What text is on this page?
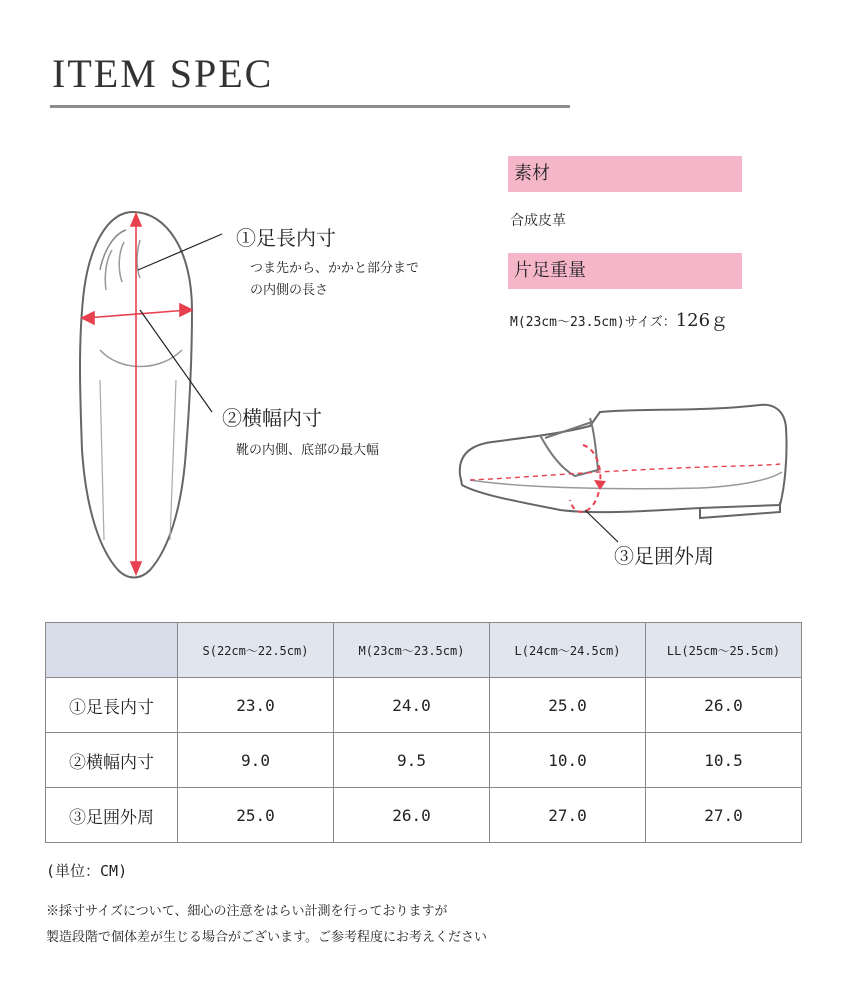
ITEM SPEC
①足長内寸
つま先から、かかと部分まで
の内側の長さ
②横幅内寸
靴の内側、底部の最大幅
③足囲外周
素材
合成皮革
片足重量
M(23cm〜23.5cm)サイズ：126ｇ
	S(22cm〜22.5cm)	M(23cm〜23.5cm)	L(24cm〜24.5cm)	LL(25cm〜25.5cm)
①足長内寸	23.0	24.0	25.0	26.0
②横幅内寸	9.0	9.5	10.0	10.5
③足囲外周	25.0	26.0	27.0	27.0
(単位：CM)
※採寸サイズについて、細心の注意をはらい計測を行っておりますが
製造段階で個体差が生じる場合がございます。ご参考程度にお考えください
